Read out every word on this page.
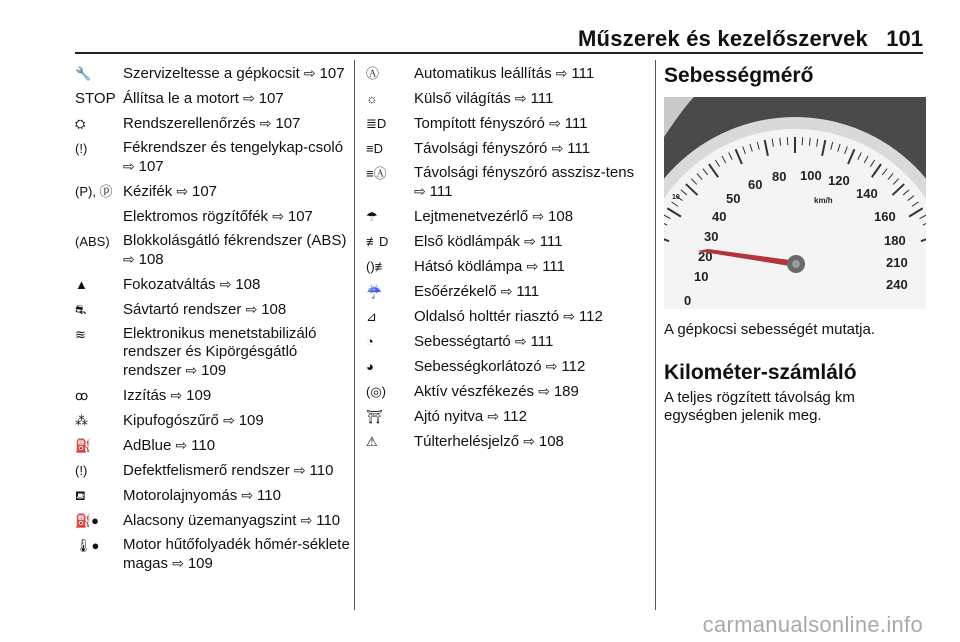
Műszerek és kezelőszervek 101
🔧	Szervizeltesse a gépkocsit ⇨ 107
STOP Állítsa le a motort ⇨ 107
⛭	Rendszerellenőrzés ⇨ 107
(!)	Fékrendszer és tengelykap-csoló ⇨ 107
(P), ⓟ Kézifék ⇨ 107
Elektromos rögzítőfék ⇨ 107
(ABS) Blokkolásgátló fékrendszer (ABS) ⇨ 108
▲	Fokozatváltás ⇨ 108
⛐	Sávtartó rendszer ⇨ 108
≋	Elektronikus menetstabilizáló rendszer és Kipörgésgátló rendszer ⇨ 109
ꝏ	Izzítás ⇨ 109
⁂	Kipufogószűrő ⇨ 109
⛽	AdBlue ⇨ 110
(!)	Defektfelismerő rendszer ⇨ 110
⛾	Motorolajnyomás ⇨ 110
⛽●	Alacsony üzemanyagszint ⇨ 110
🌡●	Motor hűtőfolyadék hőmér-séklete magas ⇨ 109
Ⓐ	Automatikus leállítás ⇨ 111
☼	Külső világítás ⇨ 111
≣D	Tompított fényszóró ⇨ 111
≡D	Távolsági fényszóró ⇨ 111
≡Ⓐ	Távolsági fényszóró asszisz-tens ⇨ 111
☂	Lejtmenetvezérlő ⇨ 108
≢D	Első ködlámpák ⇨ 111
()≢	Hátsó ködlámpa ⇨ 111
☔	Esőérzékelő ⇨ 111
⊿	Oldalsó holttér riasztó ⇨ 112
◔	Sebességtartó ⇨ 111
◕	Sebességkorlátozó ⇨ 112
(◎)	Aktív vészfékezés ⇨ 189
⛩	Ajtó nyitva ⇨ 112
⚠	Túlterhelésjelző ⇨ 108
Sebességmérő
10
20
30
40
50
60
80 100 120
140
160
180
210
240
0
km/h
10

A gépkocsi sebességét mutatja.

Kilométer-számláló

A teljes rögzített távolság km egységben jelenik meg.

carmanualsonline.info
